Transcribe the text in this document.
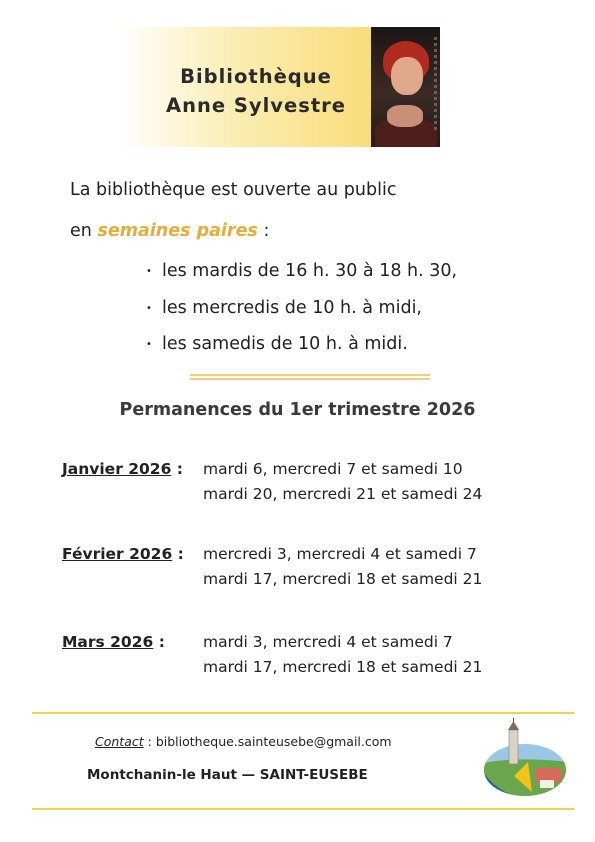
Bibliothèque
Anne Sylvestre
La bibliothèque est ouverte au public
en semaines paires :
• les mardis de 16 h. 30 à 18 h. 30,
• les mercredis de 10 h. à midi,
• les samedis de 10 h. à midi.
Permanences du 1er trimestre 2026
Janvier 2026 : mardi 6, mercredi 7 et samedi 10
mardi 20, mercredi 21 et samedi 24
Février 2026 : mercredi 3, mercredi 4 et samedi 7
mardi 17, mercredi 18 et samedi 21
Mars 2026 : mardi 3, mercredi 4 et samedi 7
mardi 17, mercredi 18 et samedi 21
Contact : bibliotheque.sainteusebe@gmail.com
Montchanin-le Haut — SAINT-EUSEBE
